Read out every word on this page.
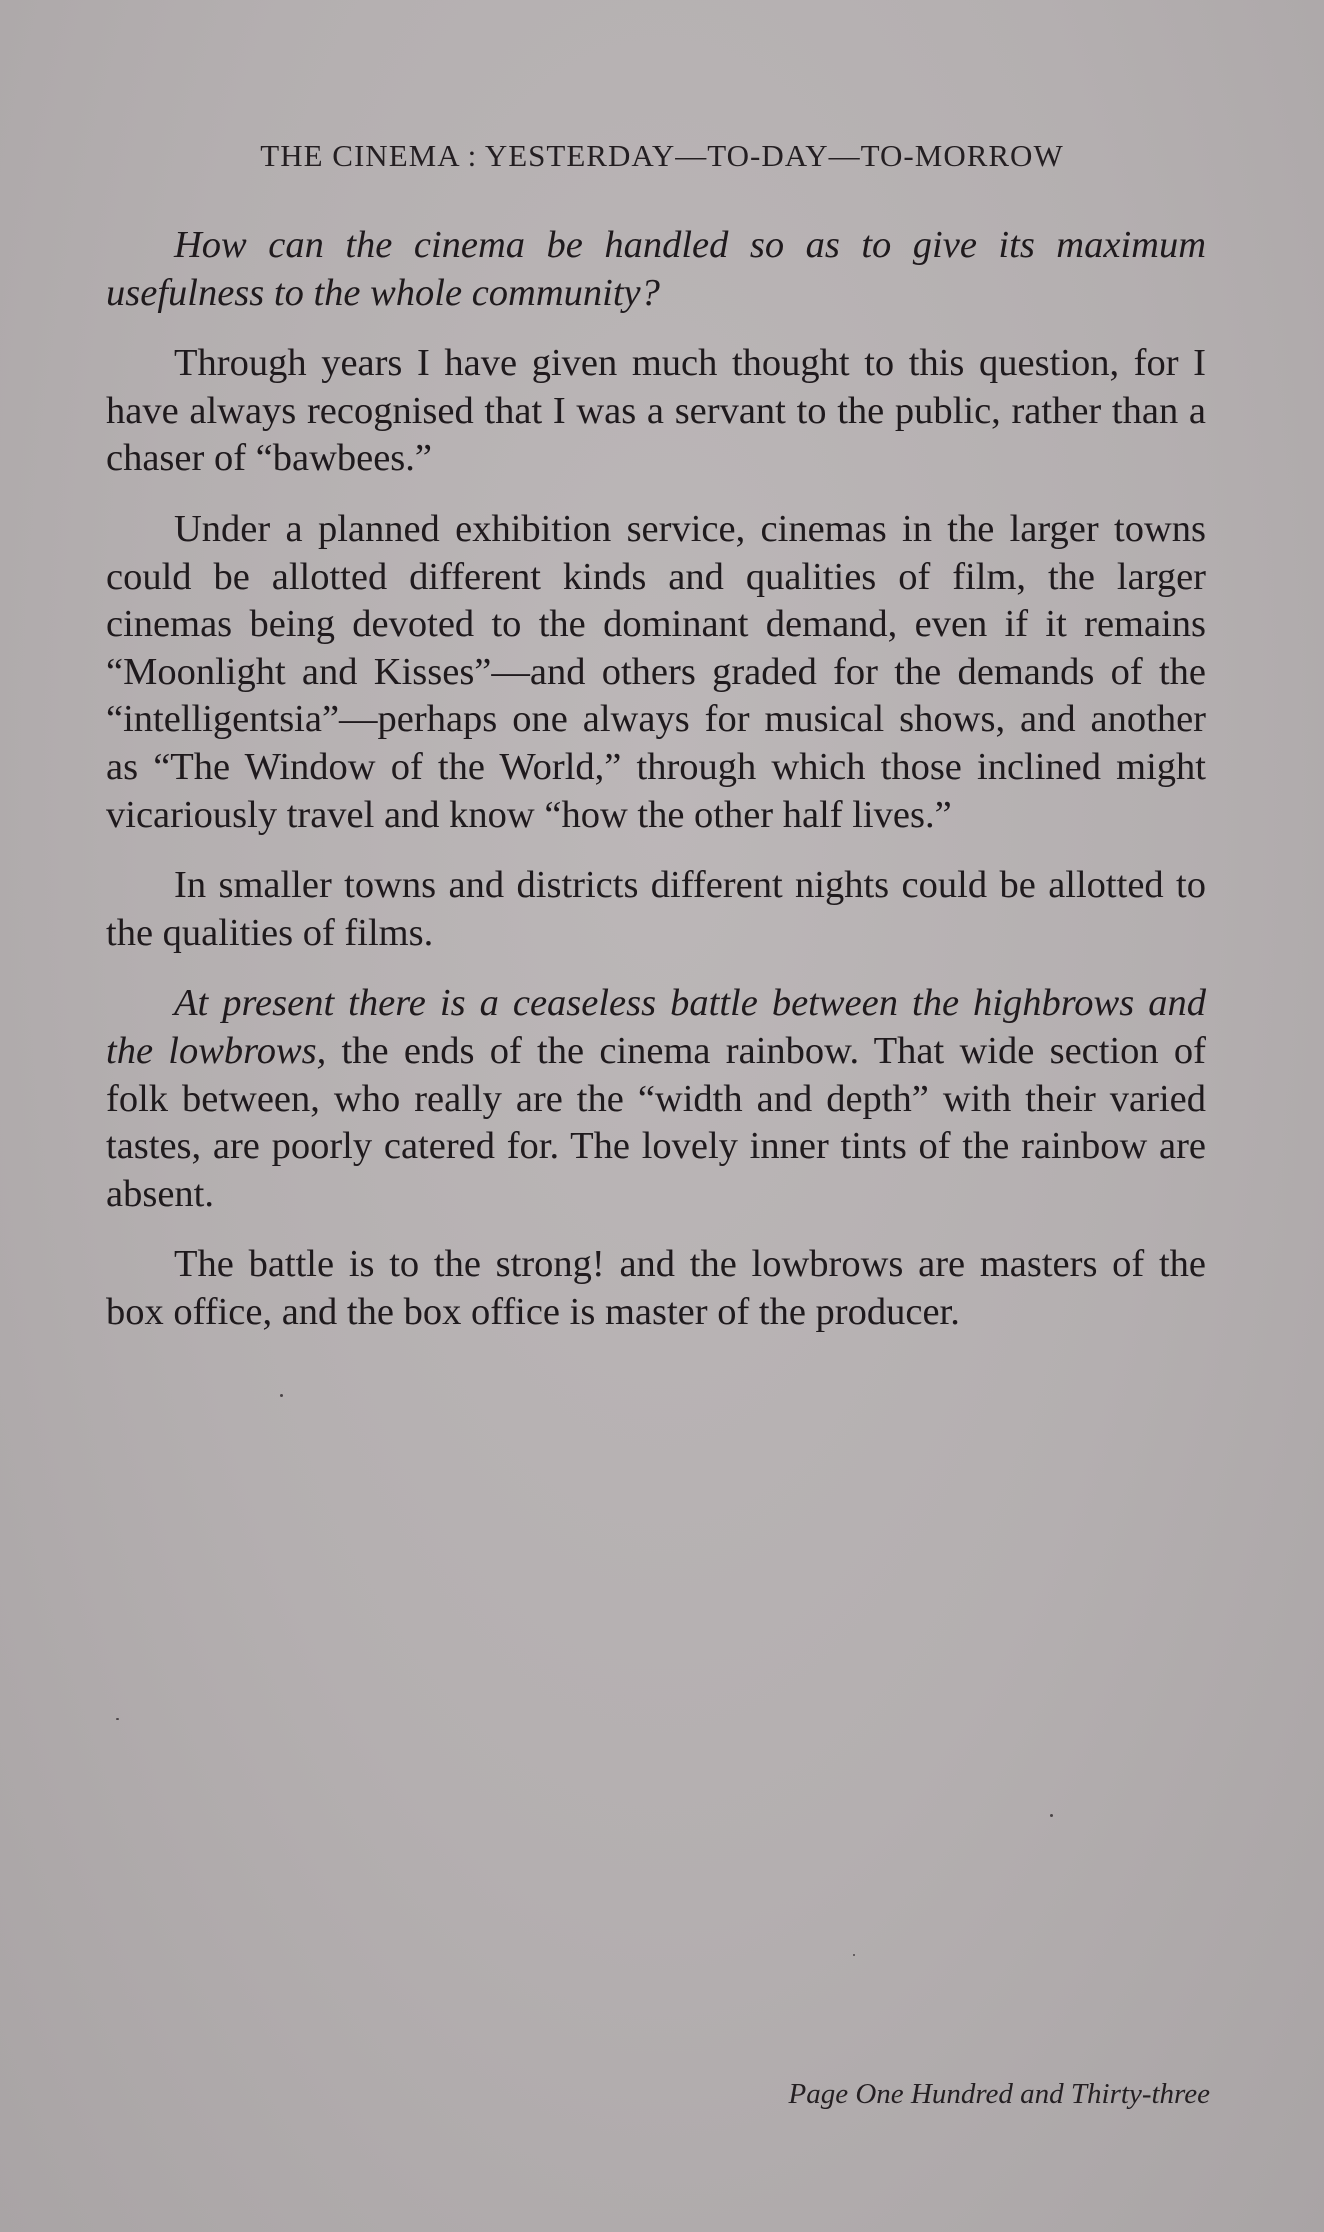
THE CINEMA : YESTERDAY—TO-DAY—TO-MORROW

How can the cinema be handled so as to give its maximum usefulness to the whole community?

Through years I have given much thought to this question, for I have always recognised that I was a servant to the public, rather than a chaser of “bawbees.”

Under a planned exhibition service, cinemas in the larger towns could be allotted different kinds and qualities of film, the larger cinemas being devoted to the dominant demand, even if it remains “Moonlight and Kisses”—and others graded for the demands of the “intelligentsia”—perhaps one always for musical shows, and another as “The Window of the World,” through which those inclined might vicariously travel and know “how the other half lives.”

In smaller towns and districts different nights could be allotted to the qualities of films.

At present there is a ceaseless battle between the highbrows and the lowbrows, the ends of the cinema rainbow. That wide section of folk between, who really are the “width and depth” with their varied tastes, are poorly catered for. The lovely inner tints of the rainbow are absent.

The battle is to the strong! and the lowbrows are masters of the box office, and the box office is master of the producer.

Page One Hundred and Thirty-three
